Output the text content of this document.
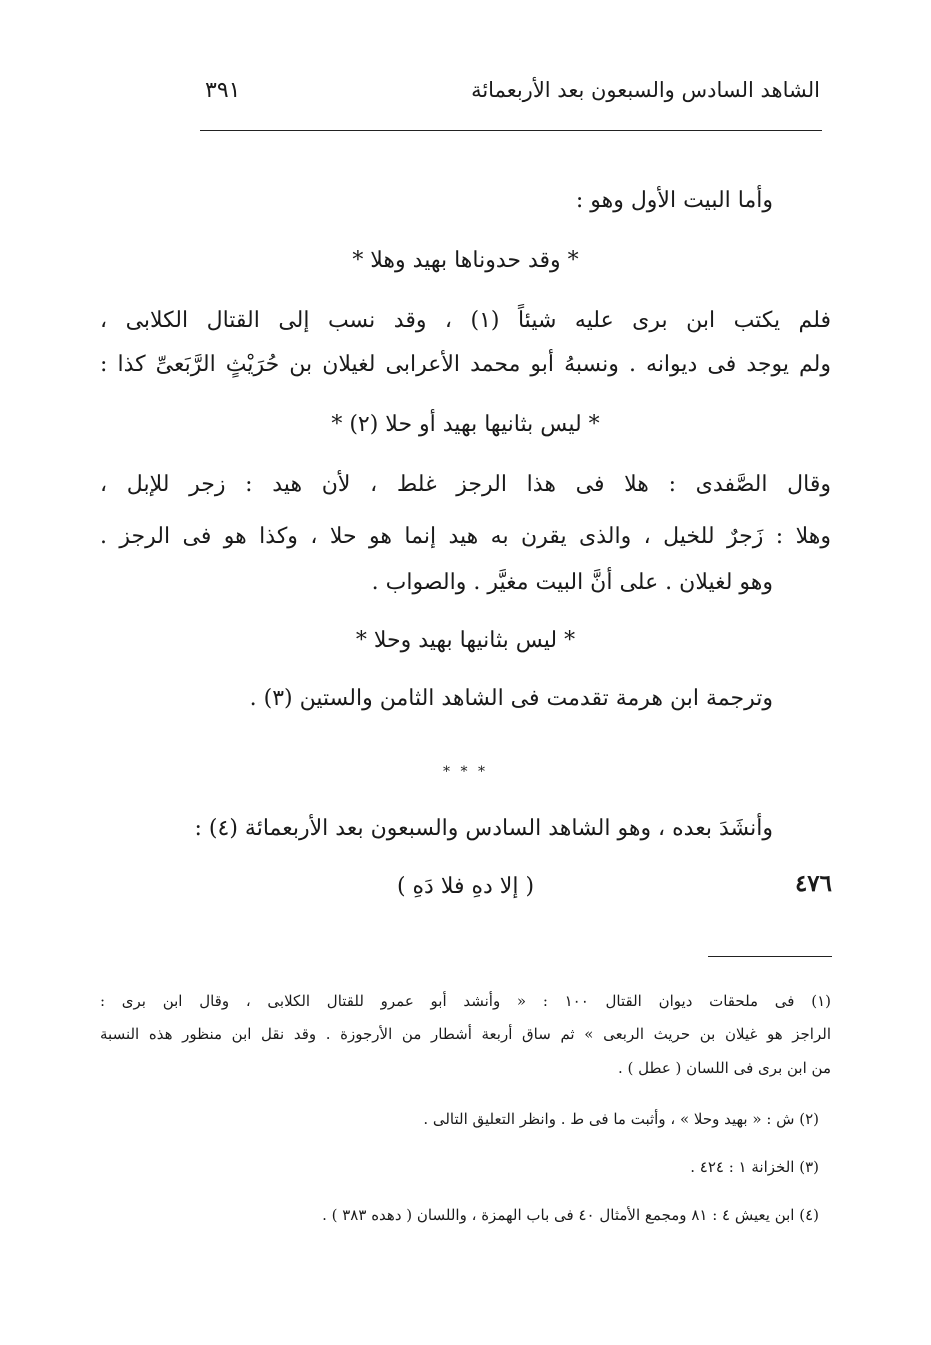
الشاهد السادس والسبعون بعد الأربعمائة
٣٩١
وأما البيت الأول وهو :
* وقد حدوناها بهيد وهلا *
فلم يكتب ابن برى عليه شيئاً (١) ، وقد نسب إلى القتال الكلابى ،
ولم يوجد فى ديوانه . ونسبهُ أبو محمد الأعرابى لغيلان بن حُرَيْثٍ الرَّبَعىِّ كذا :
* ليس بثانيها بهيد أو حلا (٢) *
وقال الصَّفدى : هلا فى هذا الرجز غلط ، لأن هيد : زجر للإبل ،
وهلا : زَجرٌ للخيل ، والذى يقرن به هيد إنما هو حلا ، وكذا هو فى الرجز .
وهو لغيلان . على أنَّ البيت مغيَّر . والصواب .
* ليس بثانيها بهيد وحلا *
وترجمة ابن هرمة تقدمت فى الشاهد الثامن والستين (٣) .
* * *
وأنشَدَ بعده ، وهو الشاهد السادس والسبعون بعد الأربعمائة (٤) :
( إلا دهِ فلا دَهِ )	٤٧٦
(١) فى ملحقات ديوان القتال ١٠٠ : « وأنشد أبو عمرو للقتال الكلابى ، وقال ابن برى :
الراجز هو غيلان بن حريث الربعى » ثم ساق أربعة أشطار من الأرجوزة . وقد نقل ابن منظور هذه النسبة
من ابن برى فى اللسان ( عطل ) .
(٢) ش : « بهيد وحلا » ، وأثبت ما فى ط . وانظر التعليق التالى .
(٣) الخزانة ١ : ٤٢٤ .
(٤) ابن يعيش ٤ : ٨١ ومجمع الأمثال ٤٠ فى باب الهمزة ، واللسان ( دهده ٣٨٣ ) .
